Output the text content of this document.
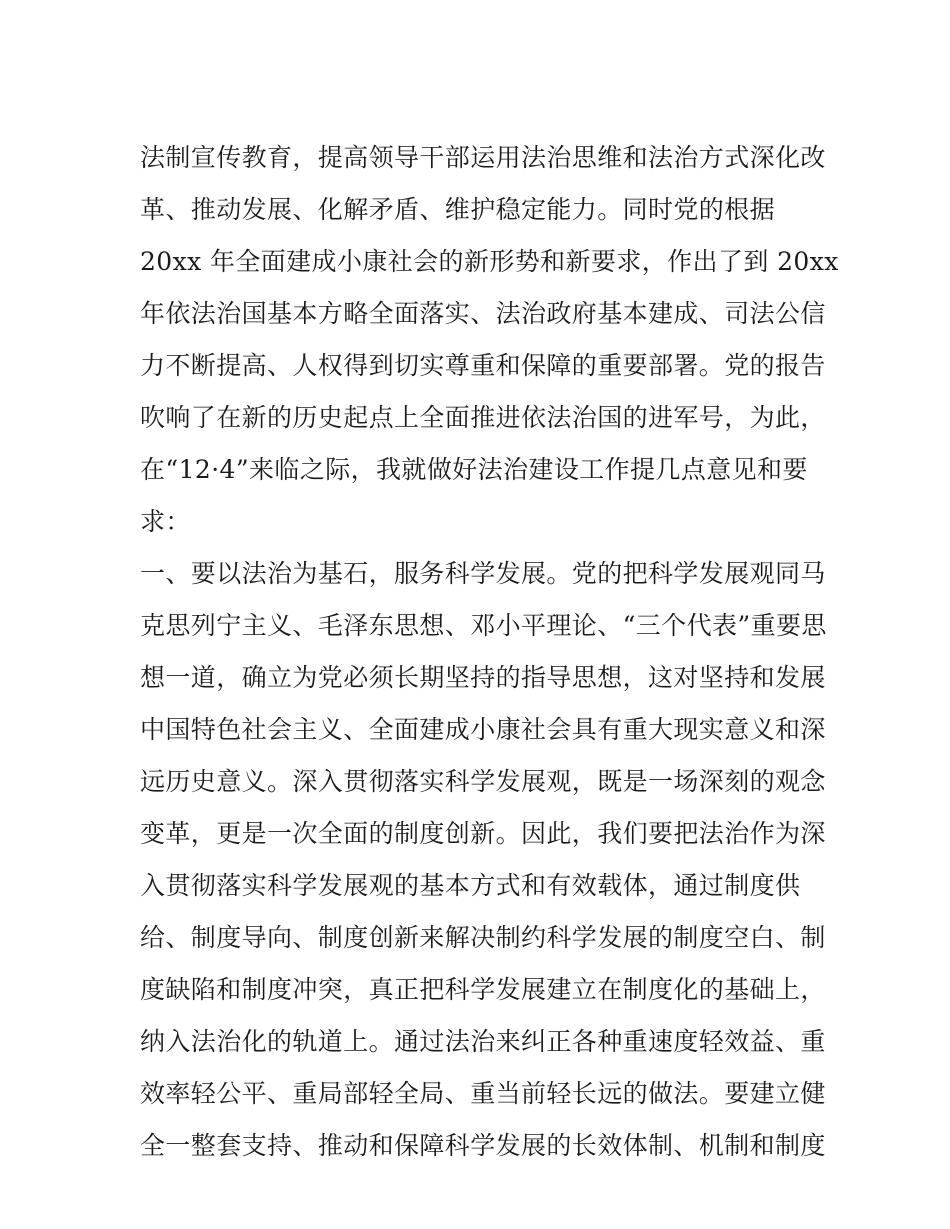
法制宣传教育，提高领导干部运用法治思维和法治方式深化改
革、推动发展、化解矛盾、维护稳定能力。同时党的根据
20xx 年全面建成小康社会的新形势和新要求，作出了到 20xx
年依法治国基本方略全面落实、法治政府基本建成、司法公信
力不断提高、人权得到切实尊重和保障的重要部署。党的报告
吹响了在新的历史起点上全面推进依法治国的进军号，为此，
在“12·4”来临之际，我就做好法治建设工作提几点意见和要
求：
一、要以法治为基石，服务科学发展。党的把科学发展观同马
克思列宁主义、毛泽东思想、邓小平理论、“三个代表”重要思
想一道，确立为党必须长期坚持的指导思想，这对坚持和发展
中国特色社会主义、全面建成小康社会具有重大现实意义和深
远历史意义。深入贯彻落实科学发展观，既是一场深刻的观念
变革，更是一次全面的制度创新。因此，我们要把法治作为深
入贯彻落实科学发展观的基本方式和有效载体，通过制度供
给、制度导向、制度创新来解决制约科学发展的制度空白、制
度缺陷和制度冲突，真正把科学发展建立在制度化的基础上，
纳入法治化的轨道上。通过法治来纠正各种重速度轻效益、重
效率轻公平、重局部轻全局、重当前轻长远的做法。要建立健
全一整套支持、推动和保障科学发展的长效体制、机制和制度
